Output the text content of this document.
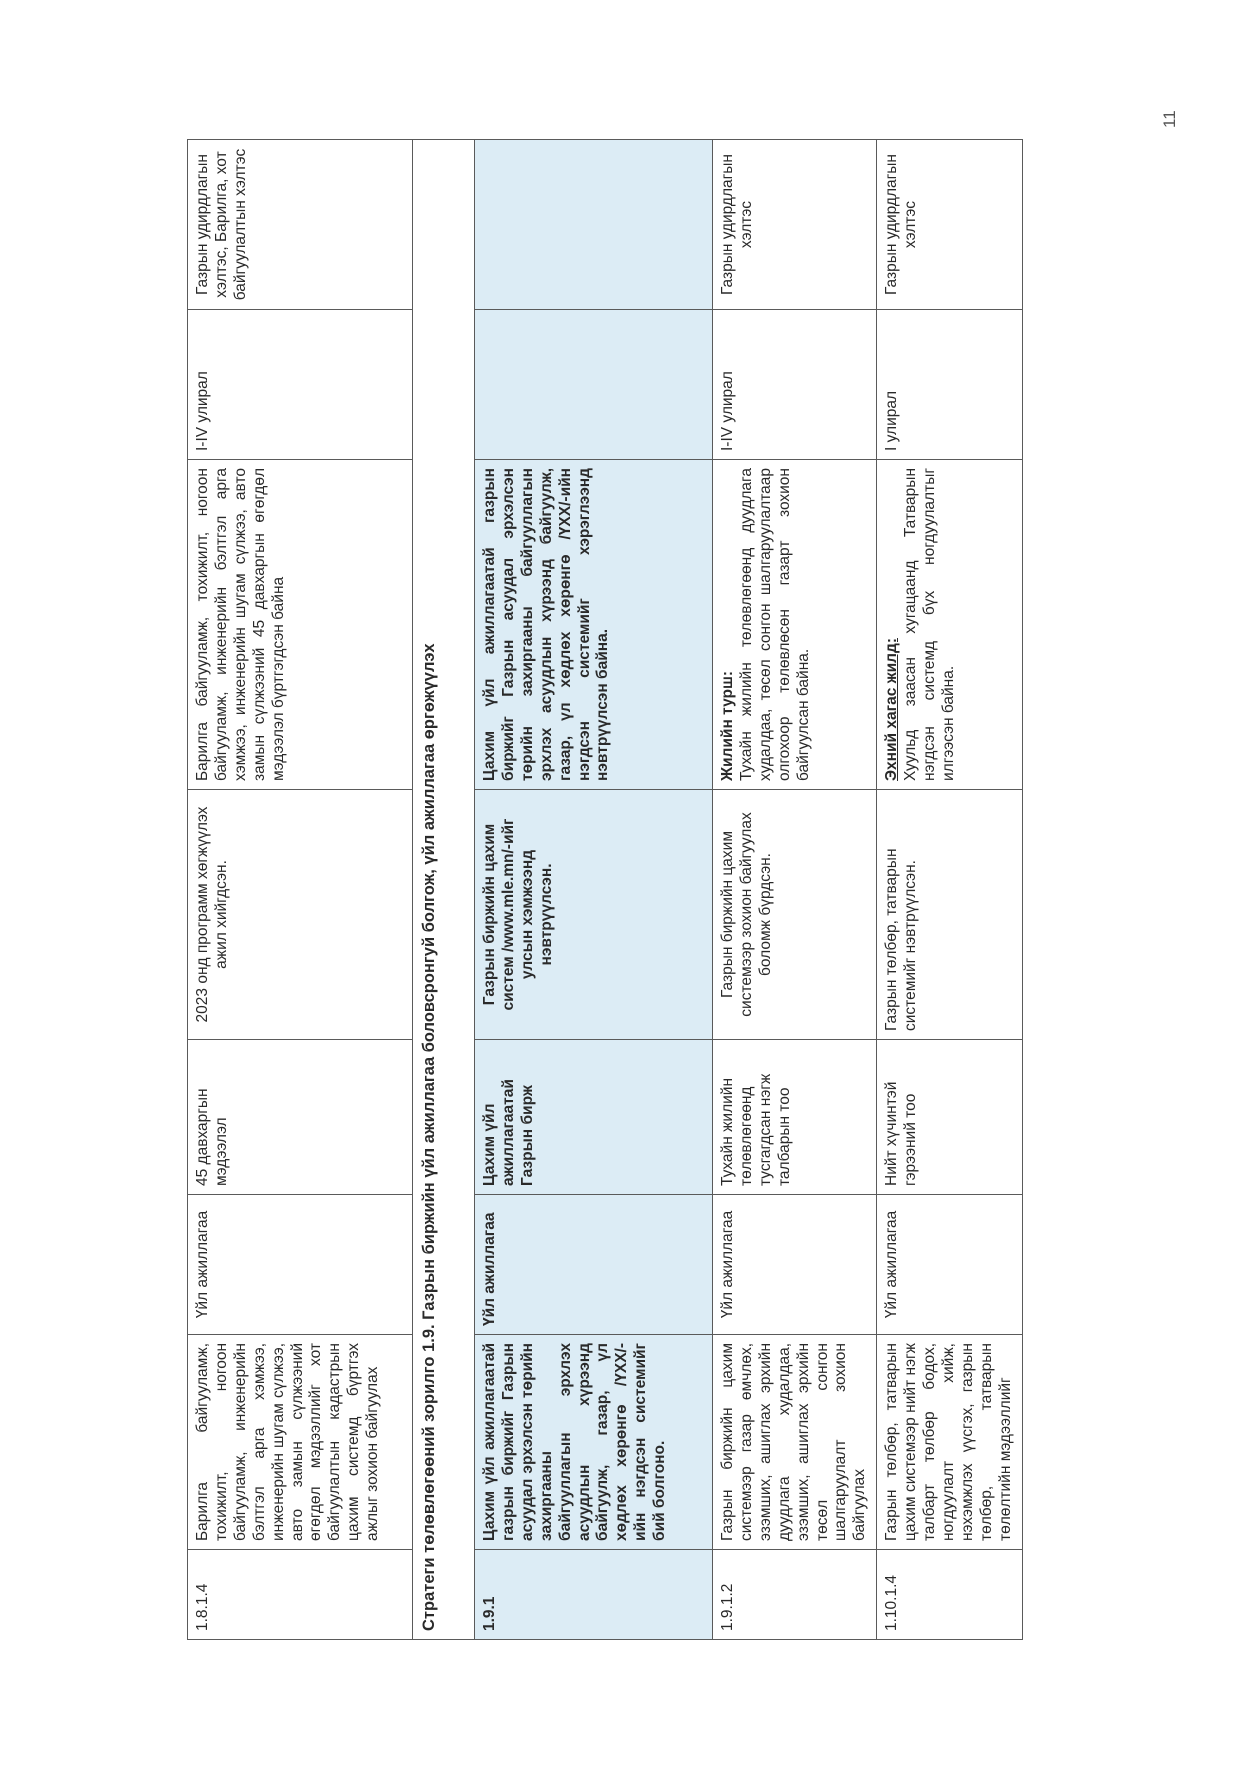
11
1.8.1.4	Барилга байгууламж, тохижилт, ногоон байгууламж, инженерийн бэлтгэл арга хэмжээ, инженерийн шугам сүлжээ, авто замын сүлжээний өгөгдөл мэдээллийг хот байгуулалтын кадастрын цахим системд бүртгэх ажлыг зохион байгуулах	Үйл ажиллагаа	45 давхаргын мэдээлэл	2023 онд программ хөгжүүлэх ажил хийгдсэн.	Барилга байгууламж, тохижилт, ногоон байгууламж, инженерийн бэлтгэл арга хэмжээ, инженерийн шугам сүлжээ, авто замын сүлжээний 45 давхаргын өгөгдөл мэдээлэл бүртгэгдсэн байна	I-IV улирал	Газрын удирдлагын хэлтэс, Барилга, хот байгуулалтын хэлтэс
Стратеги төлөвлөгөөний зорилго 1.9. Газрын биржийн үйл ажиллагаа боловсронгуй болгож, үйл ажиллагаа өргөжүүлэх							
1.9.1	Цахим үйл ажиллагаатай газрын биржийг Газрын асуудал эрхэлсэн төрийн захиргааны байгууллагын эрхлэх асуудлын хүрээнд байгуулж, газар, үл хөдлөх хөрөнгө /ҮХХ/-ийн нэгдсэн системийг бий болгоно.	Үйл ажиллагаа	Цахим үйл ажиллагаатай Газрын бирж	Газрын биржийн цахим систем /www.mle.mn/-ийг улсын хэмжээнд нэвтрүүлсэн.	Цахим үйл ажиллагаатай газрын биржийг Газрын асуудал эрхэлсэн төрийн захиргааны байгууллагын эрхлэх асуудлын хүрээнд байгуулж, газар, үл хөдлөх хөрөнгө /ҮХХ/-ийн нэгдсэн системийг хэрэглээнд нэвтрүүлсэн байна.		
1.9.1.2	Газрын биржийн цахим системээр газар өмчлөх, эзэмших, ашиглах эрхийн дуудлага худалдаа, эзэмших, ашиглах эрхийн төсөл сонгон шалгаруулалт зохион байгуулах	Үйл ажиллагаа	Тухайн жилийн төлөвлөгөөнд тусгагдсан нэгж талбарын тоо	Газрын биржийн цахим системээр зохион байгуулах боломж бүрдсэн.	Жилийн турш: Тухайн жилийн төлөвлөгөөнд дуудлага худалдаа, төсөл сонгон шалгаруулалтаар олгохоор төлөвлөсөн газарт зохион байгуулсан байна.	I-IV улирал	Газрын удирдлагын хэлтэс
1.10.1.4	Газрын төлбөр, татварын цахим системээр нийт нэгж талбарт төлбөр бодох, ногдуулалт хийж, нэхэмжлэх үүсгэх, газрын төлбөр, татварын төлөлтийн мэдээллийг	Үйл ажиллагаа	Нийт хүчинтэй гэрээний тоо	Газрын төлбөр, татварын системийг нэвтрүүлсэн.	Эхний хагас жилд: Хуульд заасан хугацаанд Татварын нэгдсэн системд бүх ногдуулалтыг илгээсэн байна.	I улирал	Газрын удирдлагын хэлтэс
